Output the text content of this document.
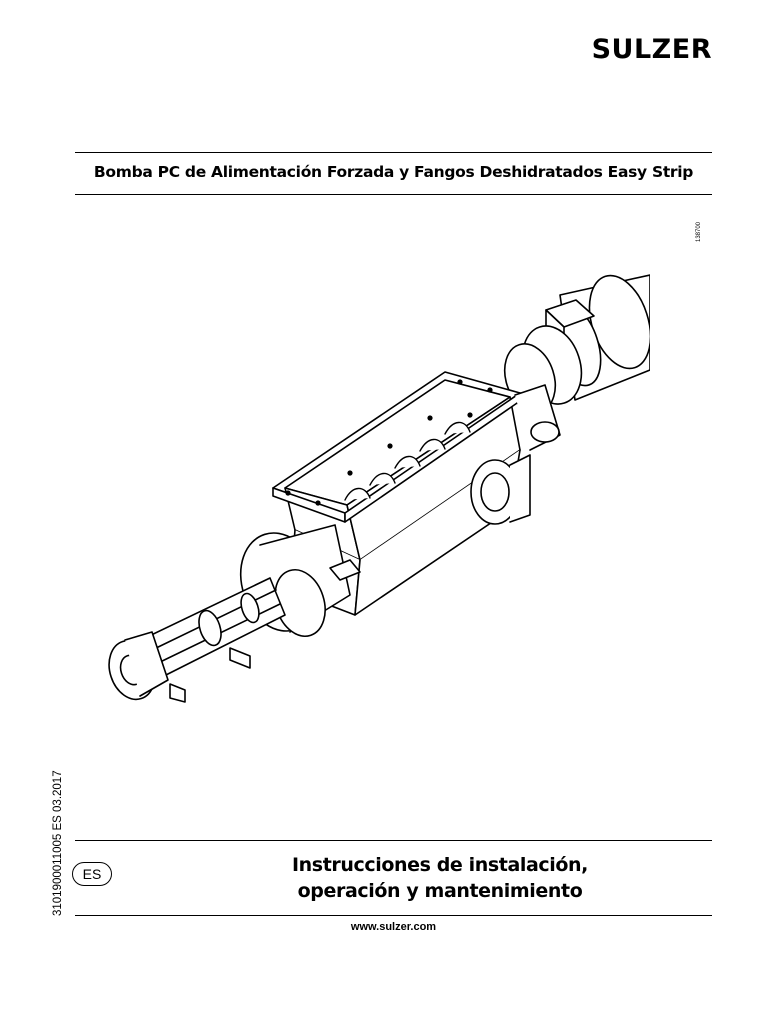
SULZER
Bomba PC de Alimentación Forzada y Fangos Deshidratados Easy Strip
138700
3101900011005 ES 03.2017	ES	Instrucciones de instalación,
operación y mantenimiento
www.sulzer.com
